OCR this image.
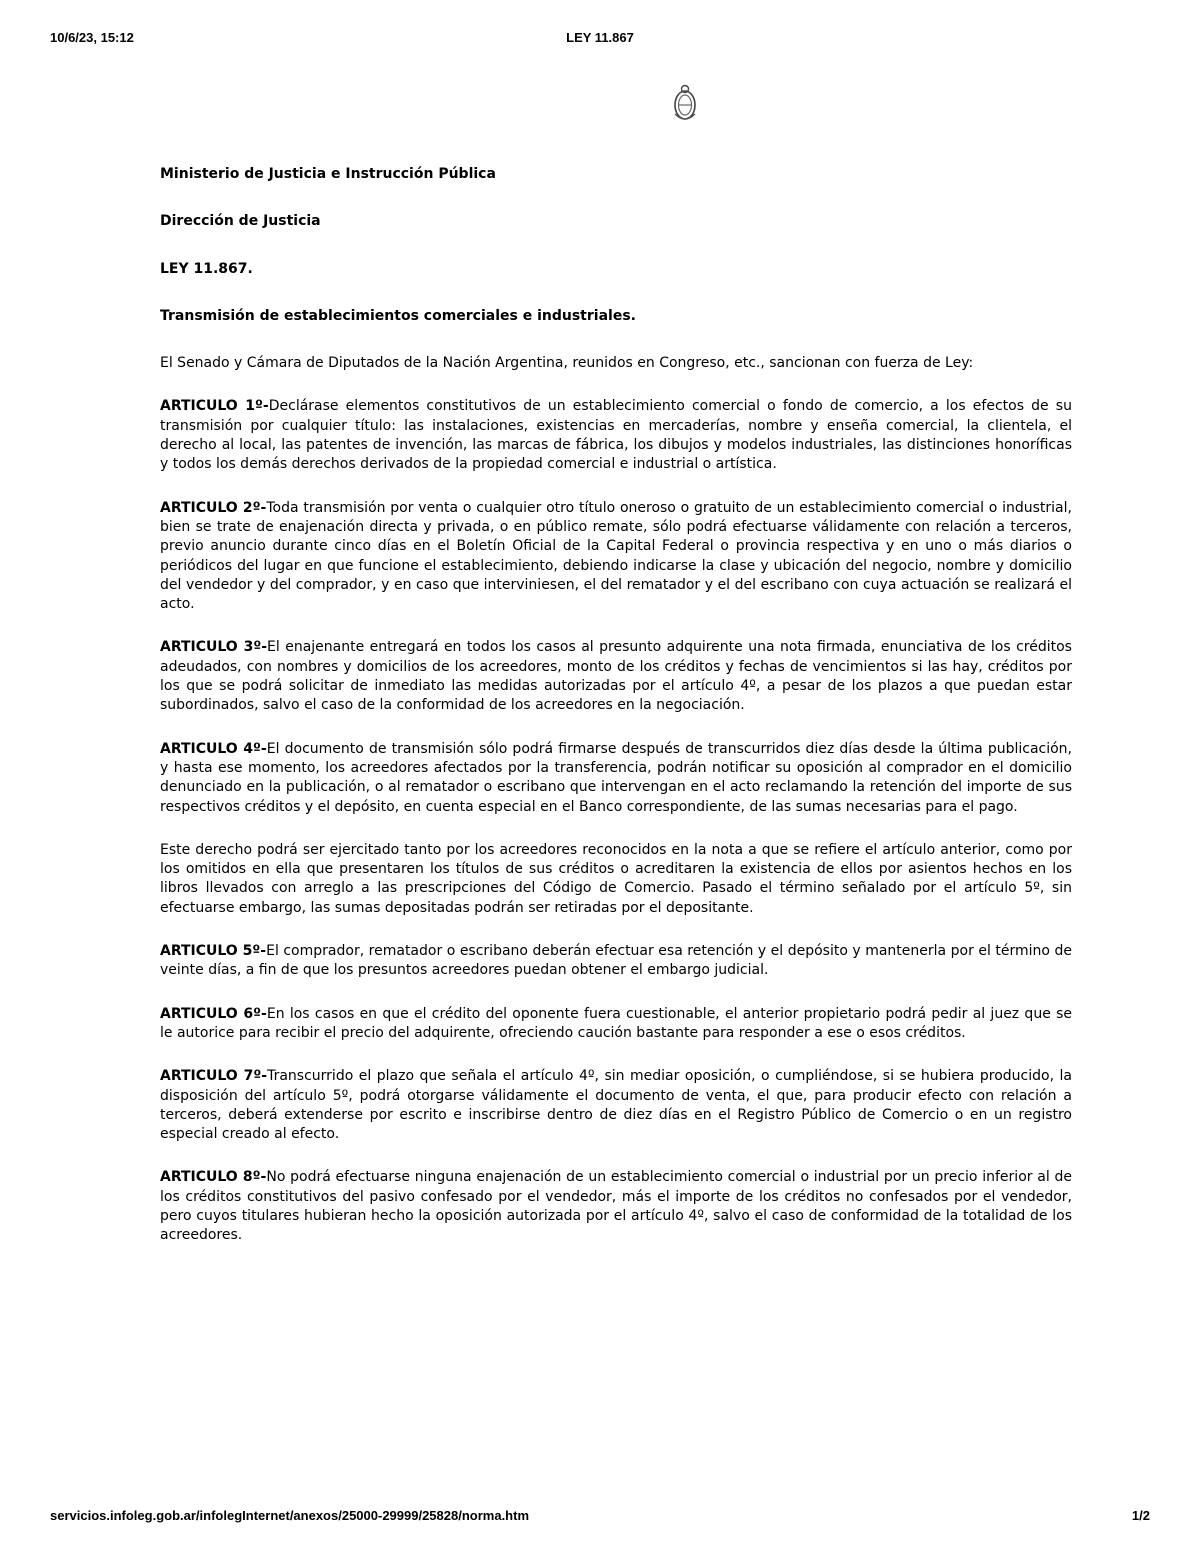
10/6/23, 15:12	LEY 11.867

Ministerio de Justicia e Instrucción Pública

Dirección de Justicia

LEY 11.867.

Transmisión de establecimientos comerciales e industriales.

El Senado y Cámara de Diputados de la Nación Argentina, reunidos en Congreso, etc., sancionan con fuerza de Ley:

ARTICULO 1º-Declárase elementos constitutivos de un establecimiento comercial o fondo de comercio, a los efectos de su transmisión por cualquier título: las instalaciones, existencias en mercaderías, nombre y enseña comercial, la clientela, el derecho al local, las patentes de invención, las marcas de fábrica, los dibujos y modelos industriales, las distinciones honoríficas y todos los demás derechos derivados de la propiedad comercial e industrial o artística.

ARTICULO 2º-Toda transmisión por venta o cualquier otro título oneroso o gratuito de un establecimiento comercial o industrial, bien se trate de enajenación directa y privada, o en público remate, sólo podrá efectuarse válidamente con relación a terceros, previo anuncio durante cinco días en el Boletín Oficial de la Capital Federal o provincia respectiva y en uno o más diarios o periódicos del lugar en que funcione el establecimiento, debiendo indicarse la clase y ubicación del negocio, nombre y domicilio del vendedor y del comprador, y en caso que interviniesen, el del rematador y el del escribano con cuya actuación se realizará el acto.

ARTICULO 3º-El enajenante entregará en todos los casos al presunto adquirente una nota firmada, enunciativa de los créditos adeudados, con nombres y domicilios de los acreedores, monto de los créditos y fechas de vencimientos si las hay, créditos por los que se podrá solicitar de inmediato las medidas autorizadas por el artículo 4º, a pesar de los plazos a que puedan estar subordinados, salvo el caso de la conformidad de los acreedores en la negociación.

ARTICULO 4º-El documento de transmisión sólo podrá firmarse después de transcurridos diez días desde la última publicación, y hasta ese momento, los acreedores afectados por la transferencia, podrán notificar su oposición al comprador en el domicilio denunciado en la publicación, o al rematador o escribano que intervengan en el acto reclamando la retención del importe de sus respectivos créditos y el depósito, en cuenta especial en el Banco correspondiente, de las sumas necesarias para el pago.

Este derecho podrá ser ejercitado tanto por los acreedores reconocidos en la nota a que se refiere el artículo anterior, como por los omitidos en ella que presentaren los títulos de sus créditos o acreditaren la existencia de ellos por asientos hechos en los libros llevados con arreglo a las prescripciones del Código de Comercio. Pasado el término señalado por el artículo 5º, sin efectuarse embargo, las sumas depositadas podrán ser retiradas por el depositante.

ARTICULO 5º-El comprador, rematador o escribano deberán efectuar esa retención y el depósito y mantenerla por el término de veinte días, a fin de que los presuntos acreedores puedan obtener el embargo judicial.

ARTICULO 6º-En los casos en que el crédito del oponente fuera cuestionable, el anterior propietario podrá pedir al juez que se le autorice para recibir el precio del adquirente, ofreciendo caución bastante para responder a ese o esos créditos.

ARTICULO 7º-Transcurrido el plazo que señala el artículo 4º, sin mediar oposición, o cumpliéndose, si se hubiera producido, la disposición del artículo 5º, podrá otorgarse válidamente el documento de venta, el que, para producir efecto con relación a terceros, deberá extenderse por escrito e inscribirse dentro de diez días en el Registro Público de Comercio o en un registro especial creado al efecto.

ARTICULO 8º-No podrá efectuarse ninguna enajenación de un establecimiento comercial o industrial por un precio inferior al de los créditos constitutivos del pasivo confesado por el vendedor, más el importe de los créditos no confesados por el vendedor, pero cuyos titulares hubieran hecho la oposición autorizada por el artículo 4º, salvo el caso de conformidad de la totalidad de los acreedores.

servicios.infoleg.gob.ar/infolegInternet/anexos/25000-29999/25828/norma.htm	1/2
